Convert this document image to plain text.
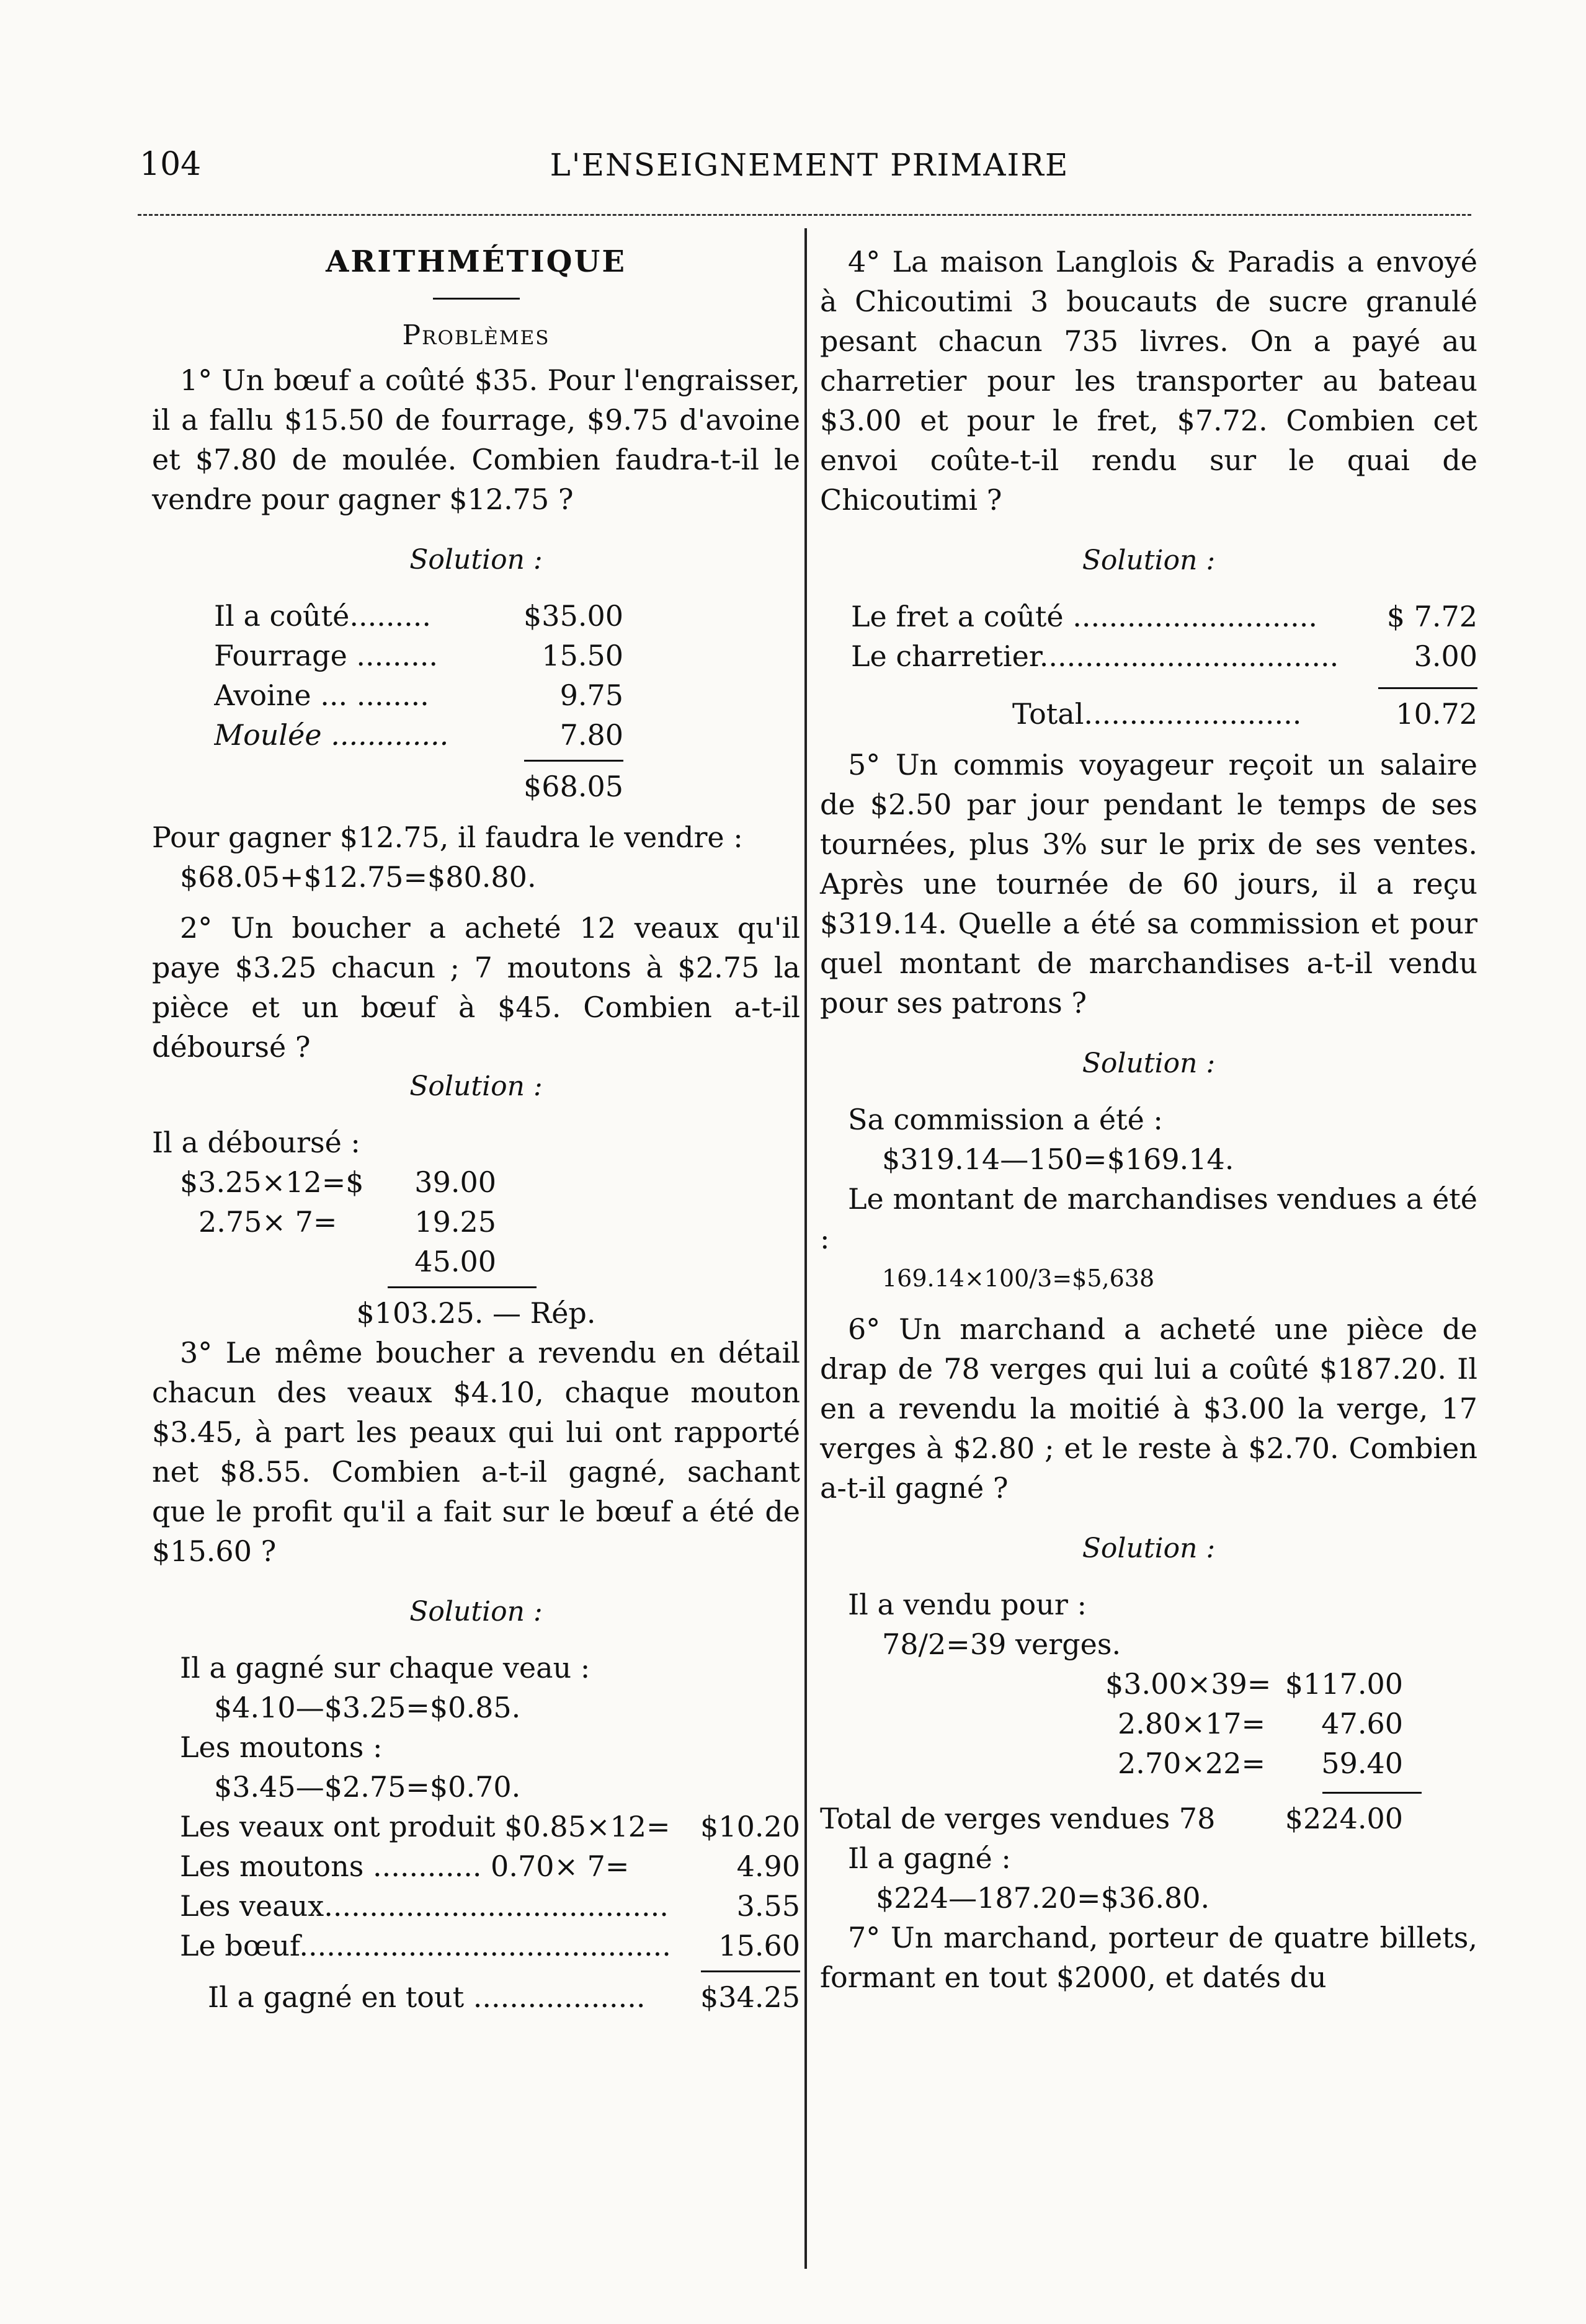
104	L'ENSEIGNEMENT PRIMAIRE

ARITHMÉTIQUE

Problèmes

1° Un bœuf a coûté $35. Pour l'engraisser, il a fallu $15.50 de fourrage, $9.75 d'avoine et $7.80 de moulée. Combien faudra-t-il le vendre pour gagner $12.75 ?

Solution :

Il a coûté.........	$35.00
Fourrage .........	15.50
Avoine ... ........	9.75
Moulée .............	7.80
$68.05

Pour gagner $12.75, il faudra le vendre :

$68.05+$12.75=$80.80.

2° Un boucher a acheté 12 veaux qu'il paye $3.25 chacun ; 7 moutons à $2.75 la pièce et un bœuf à $45. Combien a-t-il déboursé ?

Solution :

Il a déboursé :

$3.25×12=$	39.00
2.75× 7=	19.25
45.00

$103.25. — Rép.

3° Le même boucher a revendu en détail chacun des veaux $4.10, chaque mouton $3.45, à part les peaux qui lui ont rapporté net $8.55. Combien a-t-il gagné, sachant que le profit qu'il a fait sur le bœuf a été de $15.60 ?

Solution :

Il a gagné sur chaque veau :

$4.10—$3.25=$0.85.

Les moutons :

$3.45—$2.75=$0.70.

Les veaux ont produit $0.85×12=	$10.20
Les moutons ............ 0.70× 7=	4.90
Les veaux......................................	3.55
Le bœuf.........................................	15.60
Il a gagné en tout ...................	$34.25

4° La maison Langlois & Paradis a envoyé à Chicoutimi 3 boucauts de sucre granulé pesant chacun 735 livres. On a payé au charretier pour les transporter au bateau $3.00 et pour le fret, $7.72. Combien cet envoi coûte-t-il rendu sur le quai de Chicoutimi ?

Solution :

Le fret a coûté ...........................	$ 7.72
Le charretier.................................	3.00
Total........................	10.72

5° Un commis voyageur reçoit un salaire de $2.50 par jour pendant le temps de ses tournées, plus 3% sur le prix de ses ventes. Après une tournée de 60 jours, il a reçu $319.14. Quelle a été sa commission et pour quel montant de marchandises a-t-il vendu pour ses patrons ?

Solution :

Sa commission a été :

$319.14—150=$169.14.

Le montant de marchandises vendues a été :

169.14×100/3=$5,638

6° Un marchand a acheté une pièce de drap de 78 verges qui lui a coûté $187.20. Il en a revendu la moitié à $3.00 la verge, 17 verges à $2.80 ; et le reste à $2.70. Combien a-t-il gagné ?

Solution :

Il a vendu pour :

78/2=39 verges.

$3.00×39= $117.00
2.80×17=	47.60
2.70×22=	59.40
Total de verges vendues 78	$224.00

Il a gagné :

$224—187.20=$36.80.

7° Un marchand, porteur de quatre billets, formant en tout $2000, et datés du
